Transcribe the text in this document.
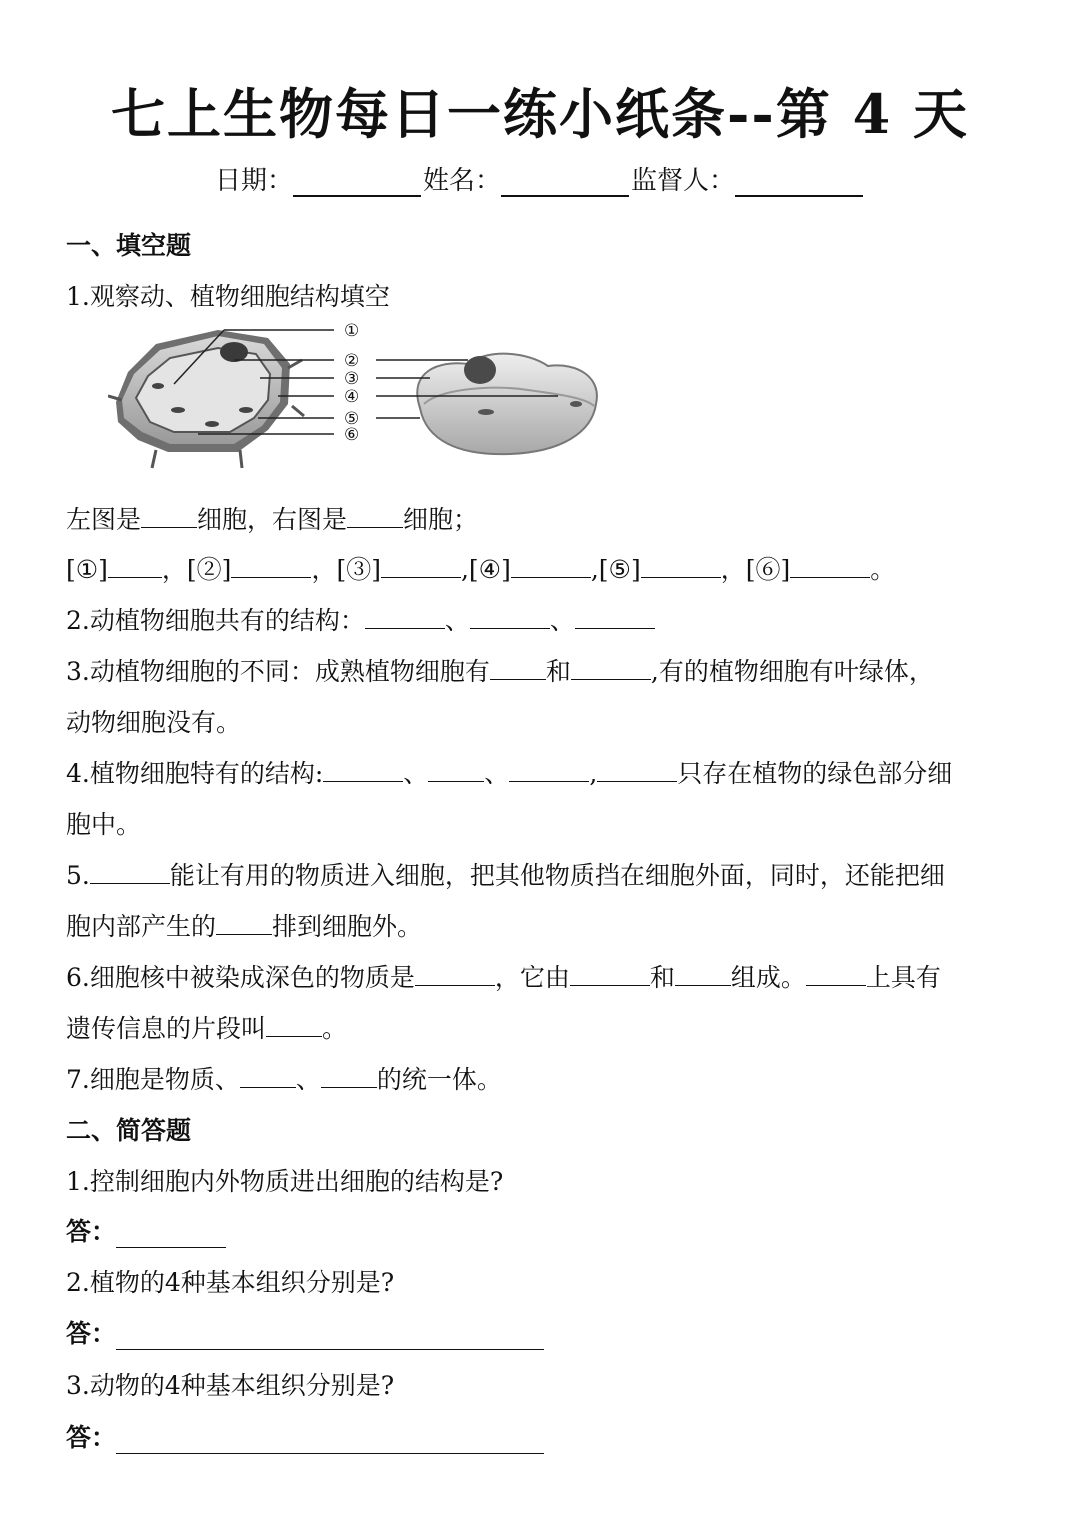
七上生物每日一练小纸条--第 4 天
日期：	姓名：	监督人：
一、填空题
1.观察动、植物细胞结构填空
①
②
③
④
⑤
⑥
左图是 细胞，右图是 细胞；
[①] ，[②]	，[③]	,[④]	,[⑤]	，[⑥]	。
2.动植物细胞共有的结构：	、	、
3.动植物细胞的不同：成熟植物细胞有 和	,有的植物细胞有叶绿体，
动物细胞没有。
4.植物细胞特有的结构:	、 、	,	只存在植物的绿色部分细
胞中。
5.	能让有用的物质进入细胞，把其他物质挡在细胞外面，同时，还能把细
胞内部产生的 排到细胞外。
6.细胞核中被染成深色的物质是	，它由	和 组成。 上具有
遗传信息的片段叫 。
7.细胞是物质、 、 的统一体。
二、简答题
1.控制细胞内外物质进出细胞的结构是?
答：
2.植物的4种基本组织分别是?
答：
3.动物的4种基本组织分别是?
答：
